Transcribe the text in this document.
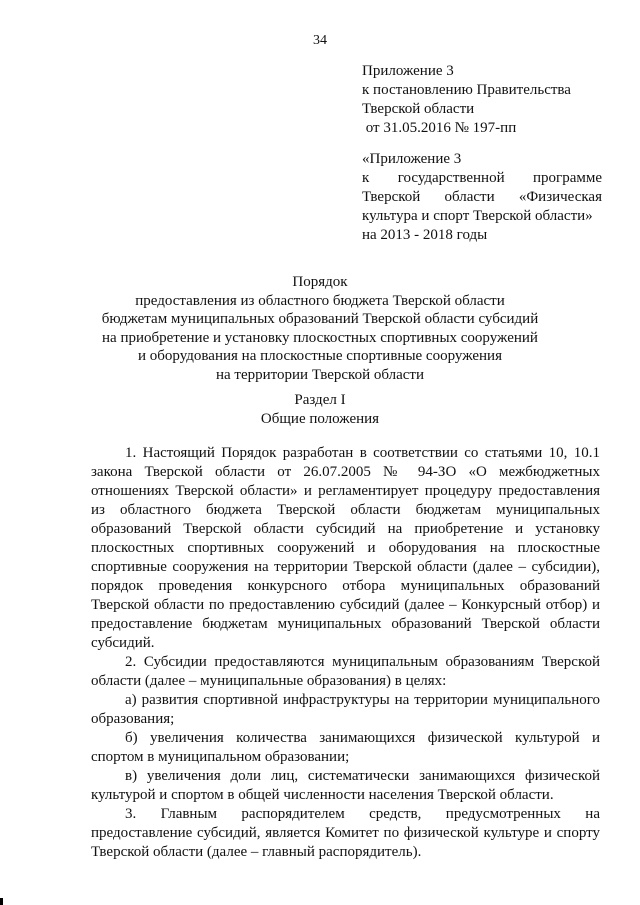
34
Приложение 3
к постановлению Правительства
Тверской области
от 31.05.2016 № 197-пп
«Приложение 3
к государственной программе
Тверской области «Физическая
культура и спорт Тверской области»
на 2013 - 2018 годы
Порядок
предоставления из областного бюджета Тверской области
бюджетам муниципальных образований Тверской области субсидий
на приобретение и установку плоскостных спортивных сооружений
и оборудования на плоскостные спортивные сооружения
на территории Тверской области
Раздел I
Общие положения

1. Настоящий Порядок разработан в соответствии со статьями 10, 10.1 закона Тверской области от 26.07.2005 № 94-ЗО «О межбюджетных отношениях Тверской области» и регламентирует процедуру предоставления из областного бюджета Тверской области бюджетам муниципальных образований Тверской области субсидий на приобретение и установку плоскостных спортивных сооружений и оборудования на плоскостные спортивные сооружения на территории Тверской области (далее – субсидии), порядок проведения конкурсного отбора муниципальных образований Тверской области по предоставлению субсидий (далее – Конкурсный отбор) и предоставление бюджетам муниципальных образований Тверской области субсидий.

2. Субсидии предоставляются муниципальным образованиям Тверской области (далее – муниципальные образования) в целях:

а) развития спортивной инфраструктуры на территории муниципального образования;

б) увеличения количества занимающихся физической культурой и спортом в муниципальном образовании;

в) увеличения доли лиц, систематически занимающихся физической культурой и спортом в общей численности населения Тверской области.

3. Главным распорядителем средств, предусмотренных на предоставление субсидий, является Комитет по физической культуре и спорту Тверской области (далее – главный распорядитель).
